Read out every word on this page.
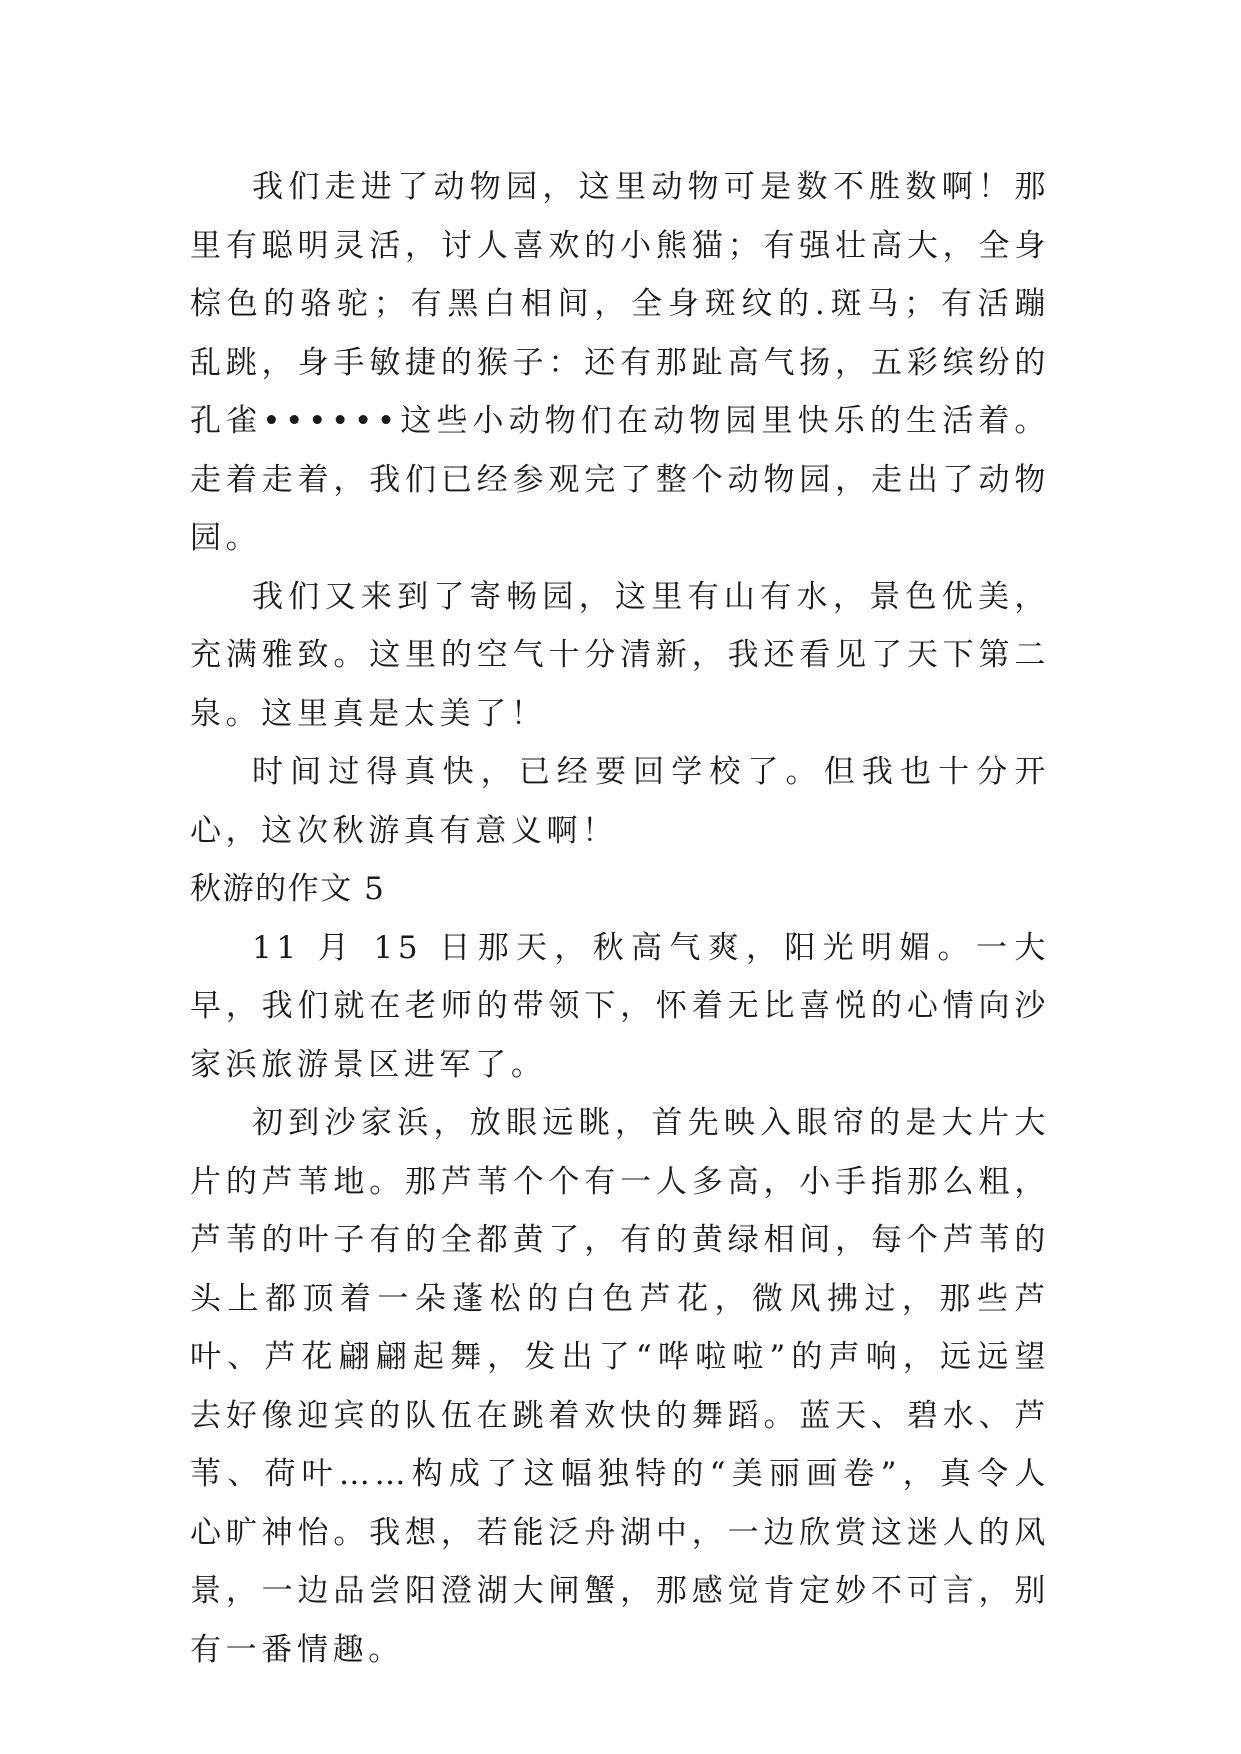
我们走进了动物园，这里动物可是数不胜数啊！那里有聪明灵活，讨人喜欢的小熊猫；有强壮高大，全身棕色的骆驼；有黑白相间，全身斑纹的.斑马；有活蹦乱跳，身手敏捷的猴子：还有那趾高气扬，五彩缤纷的孔雀••••••这些小动物们在动物园里快乐的生活着。走着走着，我们已经参观完了整个动物园，走出了动物园。

我们又来到了寄畅园，这里有山有水，景色优美，充满雅致。这里的空气十分清新，我还看见了天下第二泉。这里真是太美了！

时间过得真快，已经要回学校了。但我也十分开心，这次秋游真有意义啊！

秋游的作文 5

11 月 15 日那天，秋高气爽，阳光明媚。一大早，我们就在老师的带领下，怀着无比喜悦的心情向沙家浜旅游景区进军了。

初到沙家浜，放眼远眺，首先映入眼帘的是大片大片的芦苇地。那芦苇个个有一人多高，小手指那么粗，芦苇的叶子有的全都黄了，有的黄绿相间，每个芦苇的头上都顶着一朵蓬松的白色芦花，微风拂过，那些芦叶、芦花翩翩起舞，发出了“哗啦啦”的声响，远远望去好像迎宾的队伍在跳着欢快的舞蹈。蓝天、碧水、芦苇、荷叶……构成了这幅独特的“美丽画卷”，真令人心旷神怡。我想，若能泛舟湖中，一边欣赏这迷人的风景，一边品尝阳澄湖大闸蟹，那感觉肯定妙不可言，别有一番情趣。
